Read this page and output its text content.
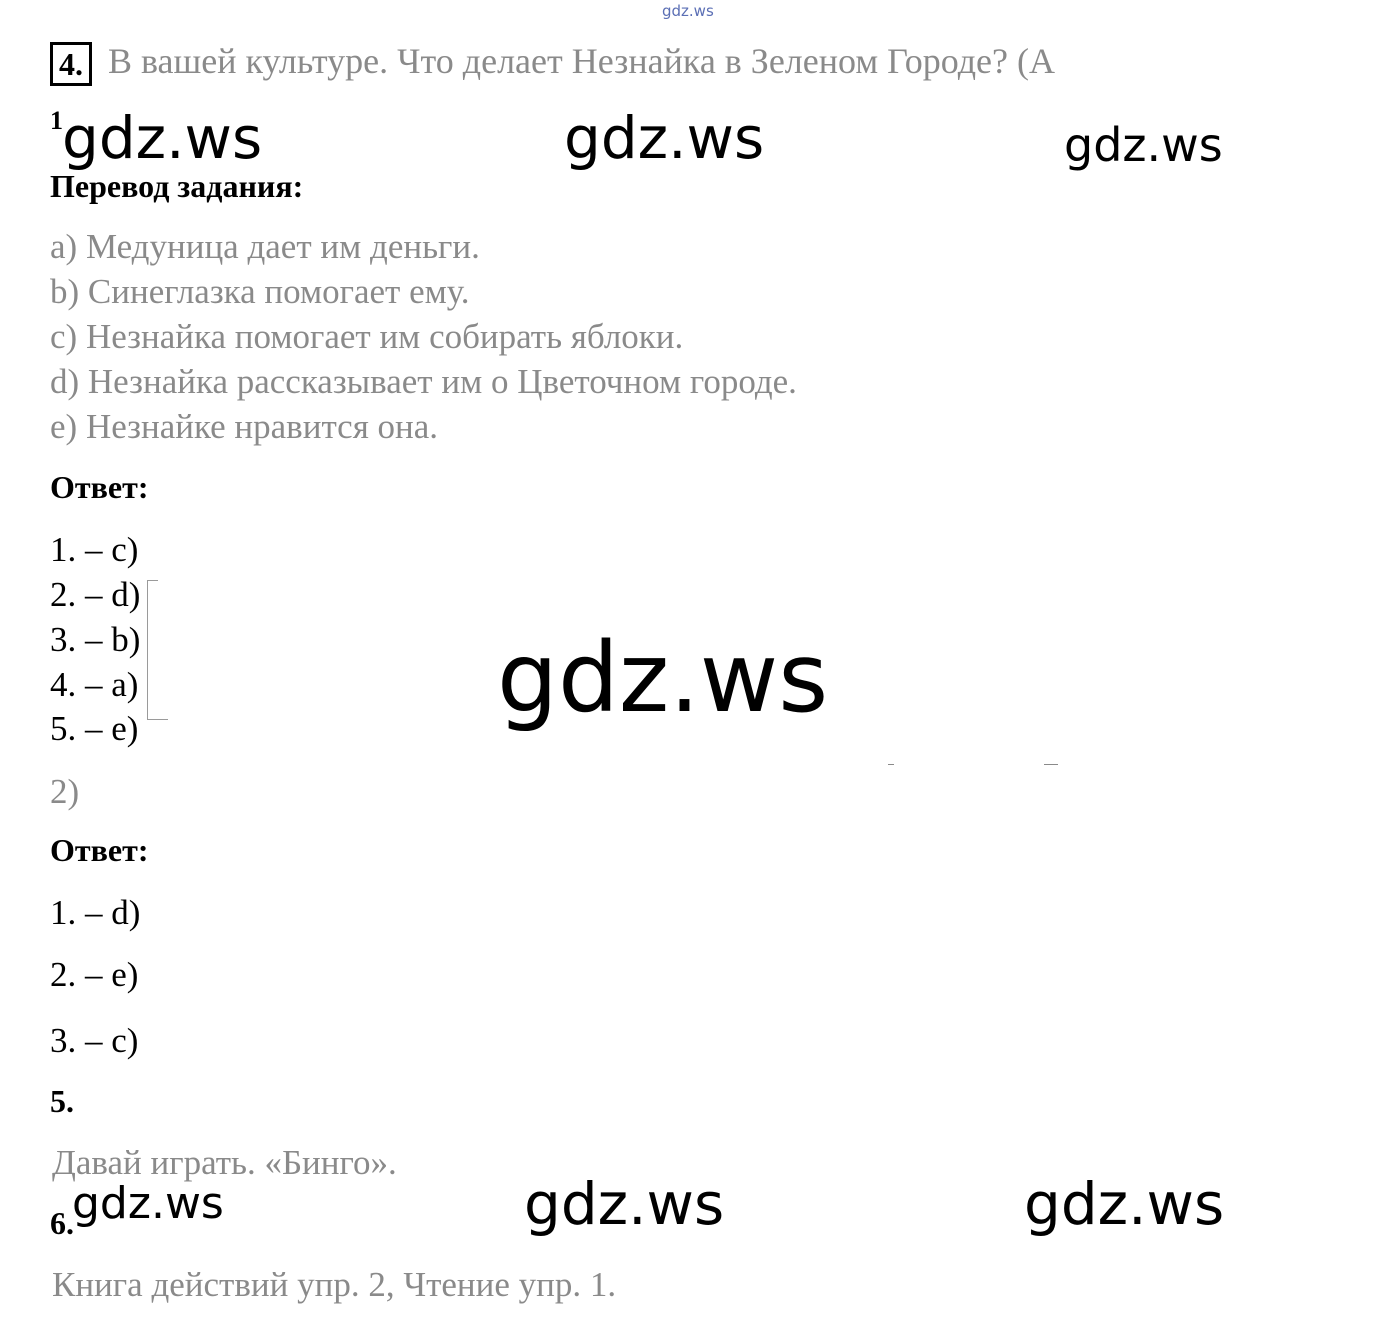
gdz.ws
4. В вашей культуре. Что делает Незнайка в Зеленом Городе? (А
1 gdz.ws	gdz.ws	gdz.ws
Перевод задания:
a) Медуница дает им деньги.
b) Синеглазка помогает ему.
c) Незнайка помогает им собирать яблоки.
d) Незнайка рассказывает им о Цветочном городе.
e) Незнайке нравится она.
Ответ:
1. – c)
2. – d)
3. – b)
4. – a)
5. – e)	gdz.ws
2)
Ответ:
1. – d)
2. – e)
3. – c)
5.
Давай играть. «Бинго».
6.
gdz.ws	gdz.ws	gdz.ws
Книга действий упр. 2, Чтение упр. 1.
